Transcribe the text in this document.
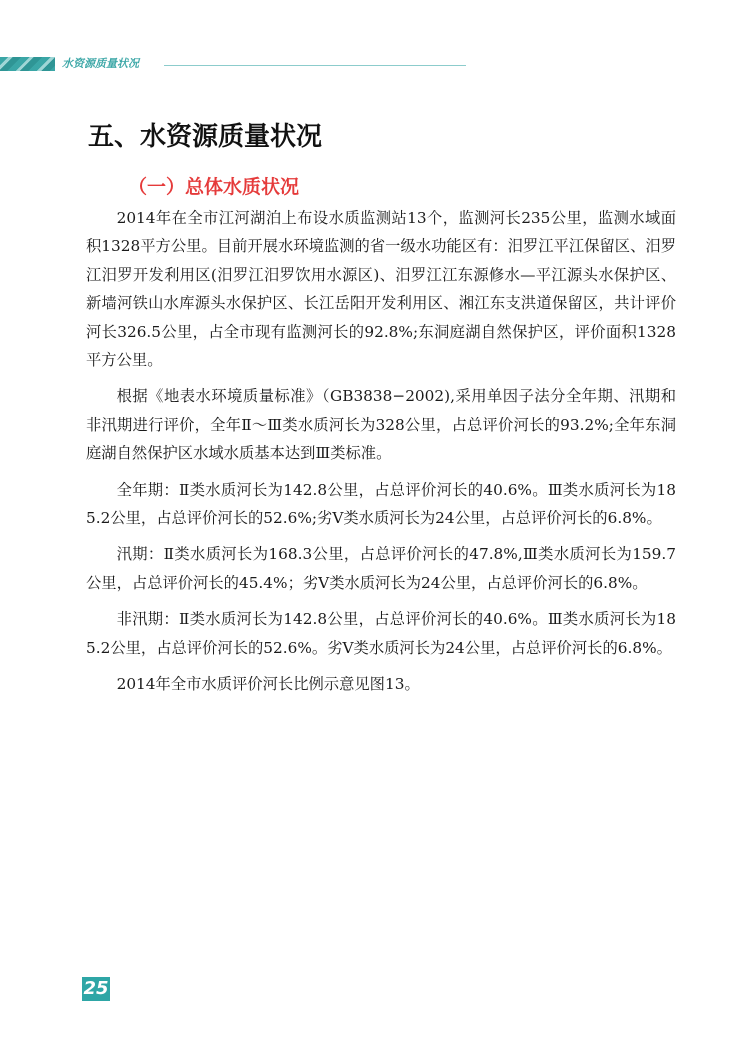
水资源质量状况
五、水资源质量状况
（一）总体水质状况

2014年在全市江河湖泊上布设水质监测站13个，监测河长235公里，监测水域面积1328平方公里。目前开展水环境监测的省一级水功能区有：汨罗江平江保留区、汨罗江汨罗开发利用区(汨罗江汨罗饮用水源区)、汨罗江江东源修水—平江源头水保护区、新墙河铁山水库源头水保护区、长江岳阳开发利用区、湘江东支洪道保留区，共计评价河长326.5公里，占全市现有监测河长的92.8%;东洞庭湖自然保护区，评价面积1328平方公里。

根据《地表水环境质量标准》（GB3838−2002),采用单因子法分全年期、汛期和非汛期进行评价，全年Ⅱ～Ⅲ类水质河长为328公里，占总评价河长的93.2%;全年东洞庭湖自然保护区水域水质基本达到Ⅲ类标准。

全年期：Ⅱ类水质河长为142.8公里，占总评价河长的40.6%。Ⅲ类水质河长为185.2公里，占总评价河长的52.6%;劣Ⅴ类水质河长为24公里，占总评价河长的6.8%。

汛期：Ⅱ类水质河长为168.3公里，占总评价河长的47.8%,Ⅲ类水质河长为159.7公里，占总评价河长的45.4%；劣Ⅴ类水质河长为24公里，占总评价河长的6.8%。

非汛期：Ⅱ类水质河长为142.8公里，占总评价河长的40.6%。Ⅲ类水质河长为185.2公里，占总评价河长的52.6%。劣Ⅴ类水质河长为24公里，占总评价河长的6.8%。

2014年全市水质评价河长比例示意见图13。

25
